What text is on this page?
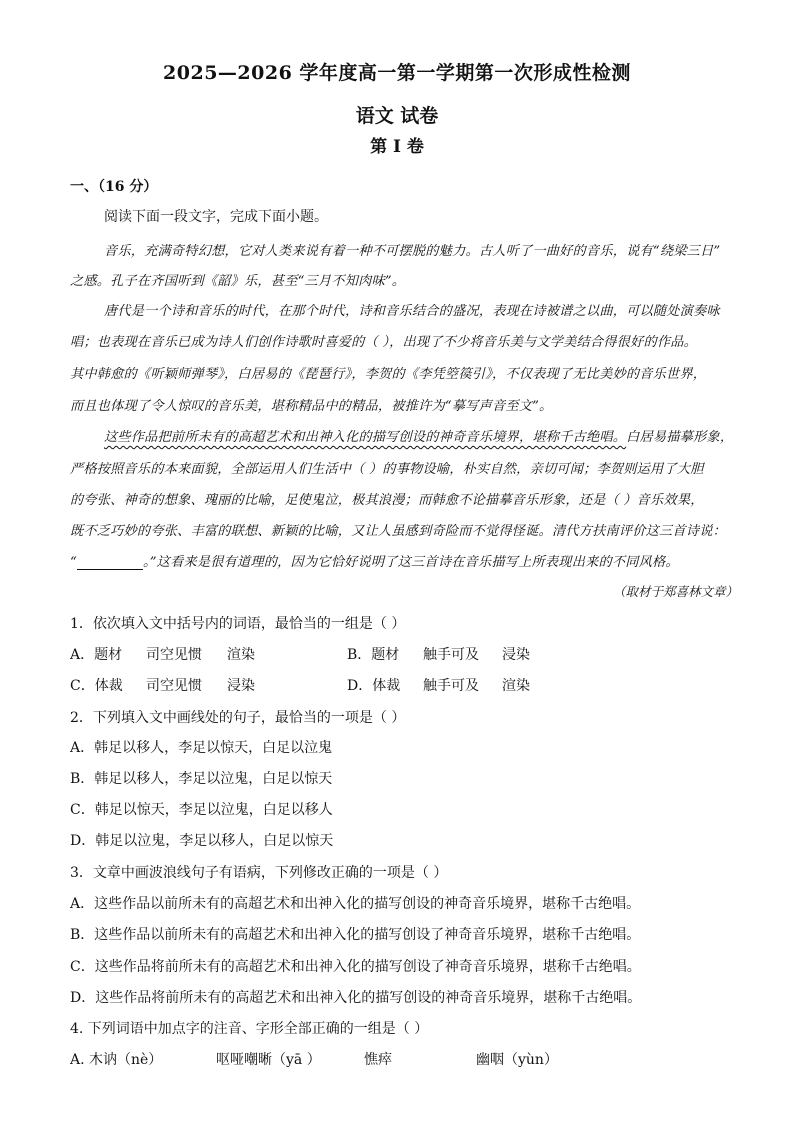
2025—2026 学年度高一第一学期第一次形成性检测
语文 试卷
第 I 卷
一、（16 分）
阅读下面一段文字，完成下面小题。
音乐，充满奇特幻想，它对人类来说有着一种不可摆脱的魅力。古人听了一曲好的音乐，说有“绕梁三日”
之感。孔子在齐国听到《韶》乐，甚至“三月不知肉味”。
唐代是一个诗和音乐的时代，在那个时代，诗和音乐结合的盛况，表现在诗被谱之以曲，可以随处演奏咏
唱；也表现在音乐已成为诗人们创作诗歌时喜爱的（ ），出现了不少将音乐美与文学美结合得很好的作品。
其中韩愈的《听颖师弹琴》，白居易的《琵琶行》，李贺的《李凭箜篌引》，不仅表现了无比美妙的音乐世界，
而且也体现了令人惊叹的音乐美，堪称精品中的精品，被推许为“摹写声音至文”。
这些作品把前所未有的高超艺术和出神入化的描写创设的神奇音乐境界，堪称千古绝唱。白居易描摹形象，
严格按照音乐的本来面貌，全部运用人们生活中（ ）的事物设喻，朴实自然，亲切可闻；李贺则运用了大胆
的夸张、神奇的想象、瑰丽的比喻，足使鬼泣，极其浪漫；而韩愈不论描摹音乐形象，还是（ ）音乐效果，
既不乏巧妙的夸张、丰富的联想、新颖的比喻，又让人虽感到奇险而不觉得怪诞。清代方扶南评价这三首诗说：
“	。”这看来是很有道理的，因为它恰好说明了这三首诗在音乐描写上所表现出来的不同风格。
（取材于郑喜林文章）
1．依次填入文中括号内的词语，最恰当的一组是（ ）
A．题材 司空见惯 渲染	B．题材 触手可及 浸染
C．体裁 司空见惯 浸染	D．体裁 触手可及 渲染
2．下列填入文中画线处的句子，最恰当的一项是（ ）
A．韩足以移人，李足以惊天，白足以泣鬼
B．韩足以移人，李足以泣鬼，白足以惊天
C．韩足以惊天，李足以泣鬼，白足以移人
D．韩足以泣鬼，李足以移人，白足以惊天
3．文章中画波浪线句子有语病，下列修改正确的一项是（ ）
A．这些作品以前所未有的高超艺术和出神入化的描写创设的神奇音乐境界，堪称千古绝唱。
B．这些作品以前所未有的高超艺术和出神入化的描写创设了神奇音乐境界，堪称千古绝唱。
C．这些作品将前所未有的高超艺术和出神入化的描写创设了神奇音乐境界，堪称千古绝唱。
D．这些作品将前所未有的高超艺术和出神入化的描写创设的神奇音乐境界，堪称千古绝唱。
4. 下列词语中加点字的注音、字形全部正确的一组是（ ）
A. 木讷（nè）	呕哑嘲晰（yā ）	憔瘁	幽咽（yùn）
